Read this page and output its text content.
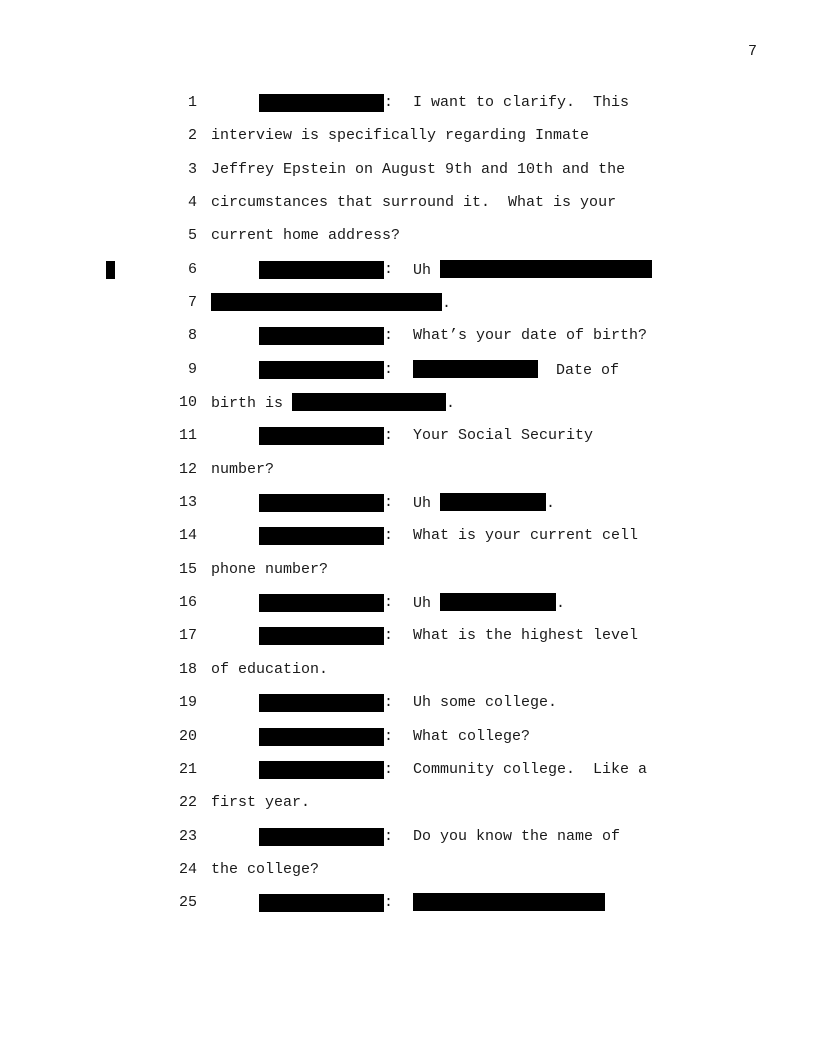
7

1

	:

I want to clarify.  This

2

interview is specifically regarding Inmate

3

Jeffrey Epstein on August 9th and 10th and the

4

circumstances that surround it.  What is your

5

current home address?

6

	:

Uh

7

	.

8

	:

What’s your date of birth?

9

	:

	Date of

10

birth is	.

11

	:

Your Social Security

12

number?

13

	:

Uh	.

14

	:

What is your current cell

15

phone number?

16

	:

Uh	.

17

	:

What is the highest level

18

of education.

19

	:

Uh some college.

20

	:

What college?

21

	:

Community college.  Like a

22

first year.

23

	:

Do you know the name of

24

the college?

25

	:
